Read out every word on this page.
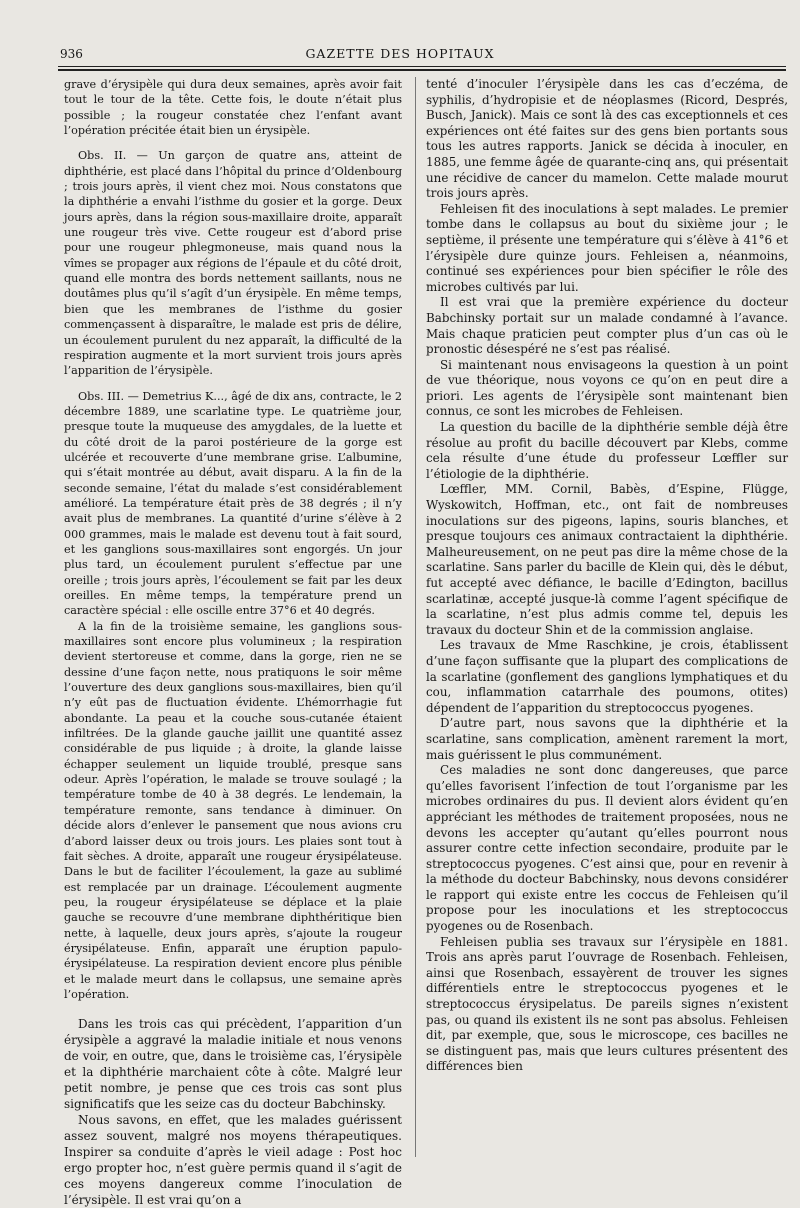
936	GAZETTE DES HOPITAUX

grave d’érysipèle qui dura deux semaines, après avoir fait tout le tour de la tête. Cette fois, le doute n’était plus possible ; la rougeur constatée chez l’enfant avant l’opération précitée était bien un érysipèle.

Obs. II. — Un garçon de quatre ans, atteint de diphthérie, est placé dans l’hôpital du prince d’Oldenbourg ; trois jours après, il vient chez moi. Nous constatons que la diphthérie a envahi l’isthme du gosier et la gorge. Deux jours après, dans la région sous-maxillaire droite, apparaît une rougeur très vive. Cette rougeur est d’abord prise pour une rougeur phlegmoneuse, mais quand nous la vîmes se propager aux régions de l’épaule et du côté droit, quand elle montra des bords nettement saillants, nous ne doutâmes plus qu’il s’agît d’un érysipèle. En même temps, bien que les membranes de l’isthme du gosier commençassent à disparaître, le malade est pris de délire, un écoulement purulent du nez apparaît, la difficulté de la respiration augmente et la mort survient trois jours après l’apparition de l’érysipèle.

Obs. III. — Demetrius K..., âgé de dix ans, contracte, le 2 décembre 1889, une scarlatine type. Le quatrième jour, presque toute la muqueuse des amygdales, de la luette et du côté droit de la paroi postérieure de la gorge est ulcérée et recouverte d’une membrane grise. L’albumine, qui s’était montrée au début, avait disparu. A la fin de la seconde semaine, l’état du malade s’est considérablement amélioré. La température était près de 38 degrés ; il n’y avait plus de membranes. La quantité d’urine s’élève à 2 000 grammes, mais le malade est devenu tout à fait sourd, et les ganglions sous-maxillaires sont engorgés. Un jour plus tard, un écoulement purulent s’effectue par une oreille ; trois jours après, l’écoulement se fait par les deux oreilles. En même temps, la température prend un caractère spécial : elle oscille entre 37°6 et 40 degrés.

A la fin de la troisième semaine, les ganglions sous-maxillaires sont encore plus volumineux ; la respiration devient stertoreuse et comme, dans la gorge, rien ne se dessine d’une façon nette, nous pratiquons le soir même l’ouverture des deux ganglions sous-maxillaires, bien qu’il n’y eût pas de fluctuation évidente. L’hémorrhagie fut abondante. La peau et la couche sous-cutanée étaient infiltrées. De la glande gauche jaillit une quantité assez considérable de pus liquide ; à droite, la glande laisse échapper seulement un liquide troublé, presque sans odeur. Après l’opération, le malade se trouve soulagé ; la température tombe de 40 à 38 degrés. Le lendemain, la température remonte, sans tendance à diminuer. On décide alors d’enlever le pansement que nous avions cru d’abord laisser deux ou trois jours. Les plaies sont tout à fait sèches. A droite, apparaît une rougeur érysipélateuse. Dans le but de faciliter l’écoulement, la gaze au sublimé est remplacée par un drainage. L’écoulement augmente peu, la rougeur érysipélateuse se déplace et la plaie gauche se recouvre d’une membrane diphthéritique bien nette, à laquelle, deux jours après, s’ajoute la rougeur érysipélateuse. Enfin, apparaît une éruption papulo-érysipélateuse. La respiration devient encore plus pénible et le malade meurt dans le collapsus, une semaine après l’opération.

Dans les trois cas qui précèdent, l’apparition d’un érysipèle a aggravé la maladie initiale et nous venons de voir, en outre, que, dans le troisième cas, l’érysipèle et la diphthérie marchaient côte à côte. Malgré leur petit nombre, je pense que ces trois cas sont plus significatifs que les seize cas du docteur Babchinsky.

Nous savons, en effet, que les malades guérissent assez souvent, malgré nos moyens thérapeutiques. Inspirer sa conduite d’après le vieil adage : Post hoc ergo propter hoc, n’est guère permis quand il s’agit de ces moyens dangereux comme l’inoculation de l’érysipèle. Il est vrai qu’on a

tenté d’inoculer l’érysipèle dans les cas d’eczéma, de syphilis, d’hydropisie et de néoplasmes (Ricord, Després, Busch, Janick). Mais ce sont là des cas exceptionnels et ces expériences ont été faites sur des gens bien portants sous tous les autres rapports. Janick se décida à inoculer, en 1885, une femme âgée de quarante-cinq ans, qui présentait une récidive de cancer du mamelon. Cette malade mourut trois jours après.

Fehleisen fit des inoculations à sept malades. Le premier tombe dans le collapsus au bout du sixième jour ; le septième, il présente une température qui s’élève à 41°6 et l’érysipèle dure quinze jours. Fehleisen a, néanmoins, continué ses expériences pour bien spécifier le rôle des microbes cultivés par lui.

Il est vrai que la première expérience du docteur Babchinsky portait sur un malade condamné à l’avance. Mais chaque praticien peut compter plus d’un cas où le pronostic désespéré ne s’est pas réalisé.

Si maintenant nous envisageons la question à un point de vue théorique, nous voyons ce qu’on en peut dire a priori. Les agents de l’érysipèle sont maintenant bien connus, ce sont les microbes de Fehleisen.

La question du bacille de la diphthérie semble déjà être résolue au profit du bacille découvert par Klebs, comme cela résulte d’une étude du professeur Lœffler sur l’étiologie de la diphthérie.

Lœffler, MM. Cornil, Babès, d’Espine, Flügge, Wyskowitch, Hoffman, etc., ont fait de nombreuses inoculations sur des pigeons, lapins, souris blanches, et presque toujours ces animaux contractaient la diphthérie. Malheureusement, on ne peut pas dire la même chose de la scarlatine. Sans parler du bacille de Klein qui, dès le début, fut accepté avec défiance, le bacille d’Edington, bacillus scarlatinæ, accepté jusque-là comme l’agent spécifique de la scarlatine, n’est plus admis comme tel, depuis les travaux du docteur Shin et de la commission anglaise.

Les travaux de Mme Raschkine, je crois, établissent d’une façon suffisante que la plupart des complications de la scarlatine (gonflement des ganglions lymphatiques et du cou, inflammation catarrhale des poumons, otites) dépendent de l’apparition du streptococcus pyogenes.

D’autre part, nous savons que la diphthérie et la scarlatine, sans complication, amènent rarement la mort, mais guérissent le plus communément.

Ces maladies ne sont donc dangereuses, que parce qu’elles favorisent l’infection de tout l’organisme par les microbes ordinaires du pus. Il devient alors évident qu’en appréciant les méthodes de traitement proposées, nous ne devons les accepter qu’autant qu’elles pourront nous assurer contre cette infection secondaire, produite par le streptococcus pyogenes. C’est ainsi que, pour en revenir à la méthode du docteur Babchinsky, nous devons considérer le rapport qui existe entre les coccus de Fehleisen qu’il propose pour les inoculations et les streptococcus pyogenes ou de Rosenbach.

Fehleisen publia ses travaux sur l’érysipèle en 1881. Trois ans après parut l’ouvrage de Rosenbach. Fehleisen, ainsi que Rosenbach, essayèrent de trouver les signes différentiels entre le streptococcus pyogenes et le streptococcus érysipelatus. De pareils signes n’existent pas, ou quand ils existent ils ne sont pas absolus. Fehleisen dit, par exemple, que, sous le microscope, ces bacilles ne se distinguent pas, mais que leurs cultures présentent des différences bien
